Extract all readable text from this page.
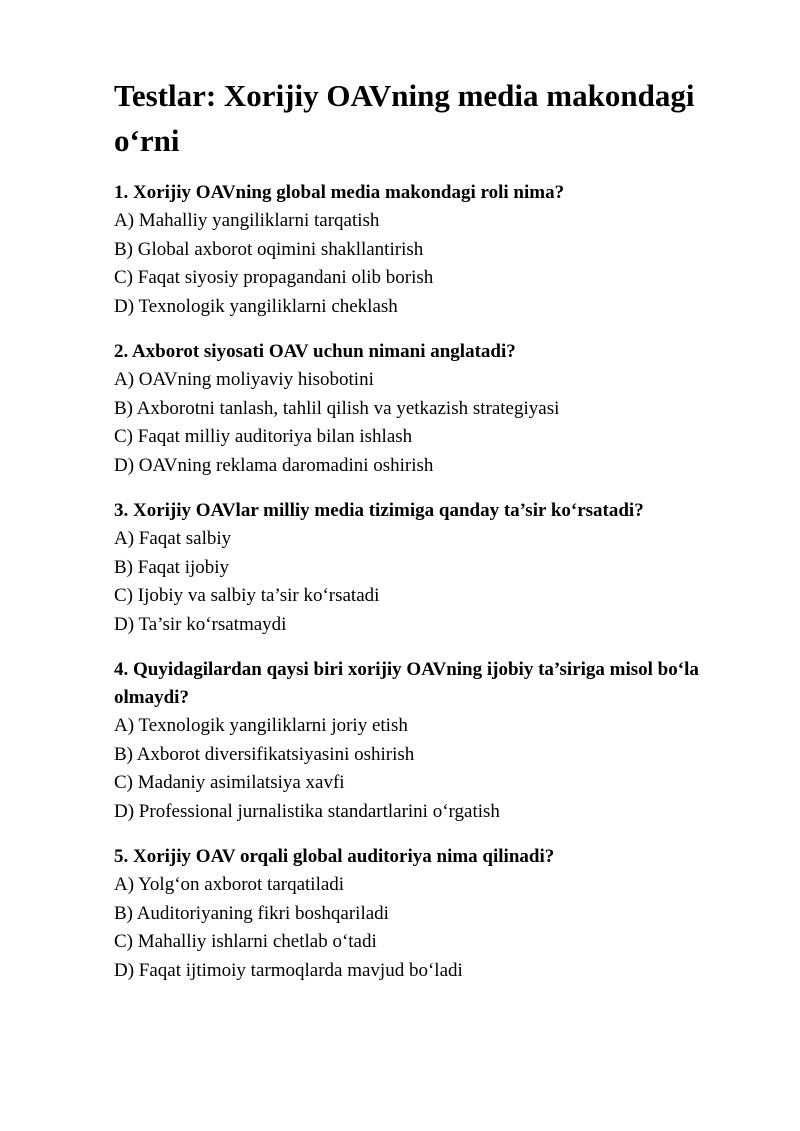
Testlar: Xorijiy OAVning media makondagi o‘rni

1. Xorijiy OAVning global media makondagi roli nima?

A) Mahalliy yangiliklarni tarqatish

B) Global axborot oqimini shakllantirish

C) Faqat siyosiy propagandani olib borish

D) Texnologik yangiliklarni cheklash

2. Axborot siyosati OAV uchun nimani anglatadi?

A) OAVning moliyaviy hisobotini

B) Axborotni tanlash, tahlil qilish va yetkazish strategiyasi

C) Faqat milliy auditoriya bilan ishlash

D) OAVning reklama daromadini oshirish

3. Xorijiy OAVlar milliy media tizimiga qanday ta’sir ko‘rsatadi?

A) Faqat salbiy

B) Faqat ijobiy

C) Ijobiy va salbiy ta’sir ko‘rsatadi

D) Ta’sir ko‘rsatmaydi

4. Quyidagilardan qaysi biri xorijiy OAVning ijobiy ta’siriga misol bo‘la olmaydi?

A) Texnologik yangiliklarni joriy etish

B) Axborot diversifikatsiyasini oshirish

C) Madaniy asimilatsiya xavfi

D) Professional jurnalistika standartlarini o‘rgatish

5. Xorijiy OAV orqali global auditoriya nima qilinadi?

A) Yolg‘on axborot tarqatiladi

B) Auditoriyaning fikri boshqariladi

C) Mahalliy ishlarni chetlab o‘tadi

D) Faqat ijtimoiy tarmoqlarda mavjud bo‘ladi
